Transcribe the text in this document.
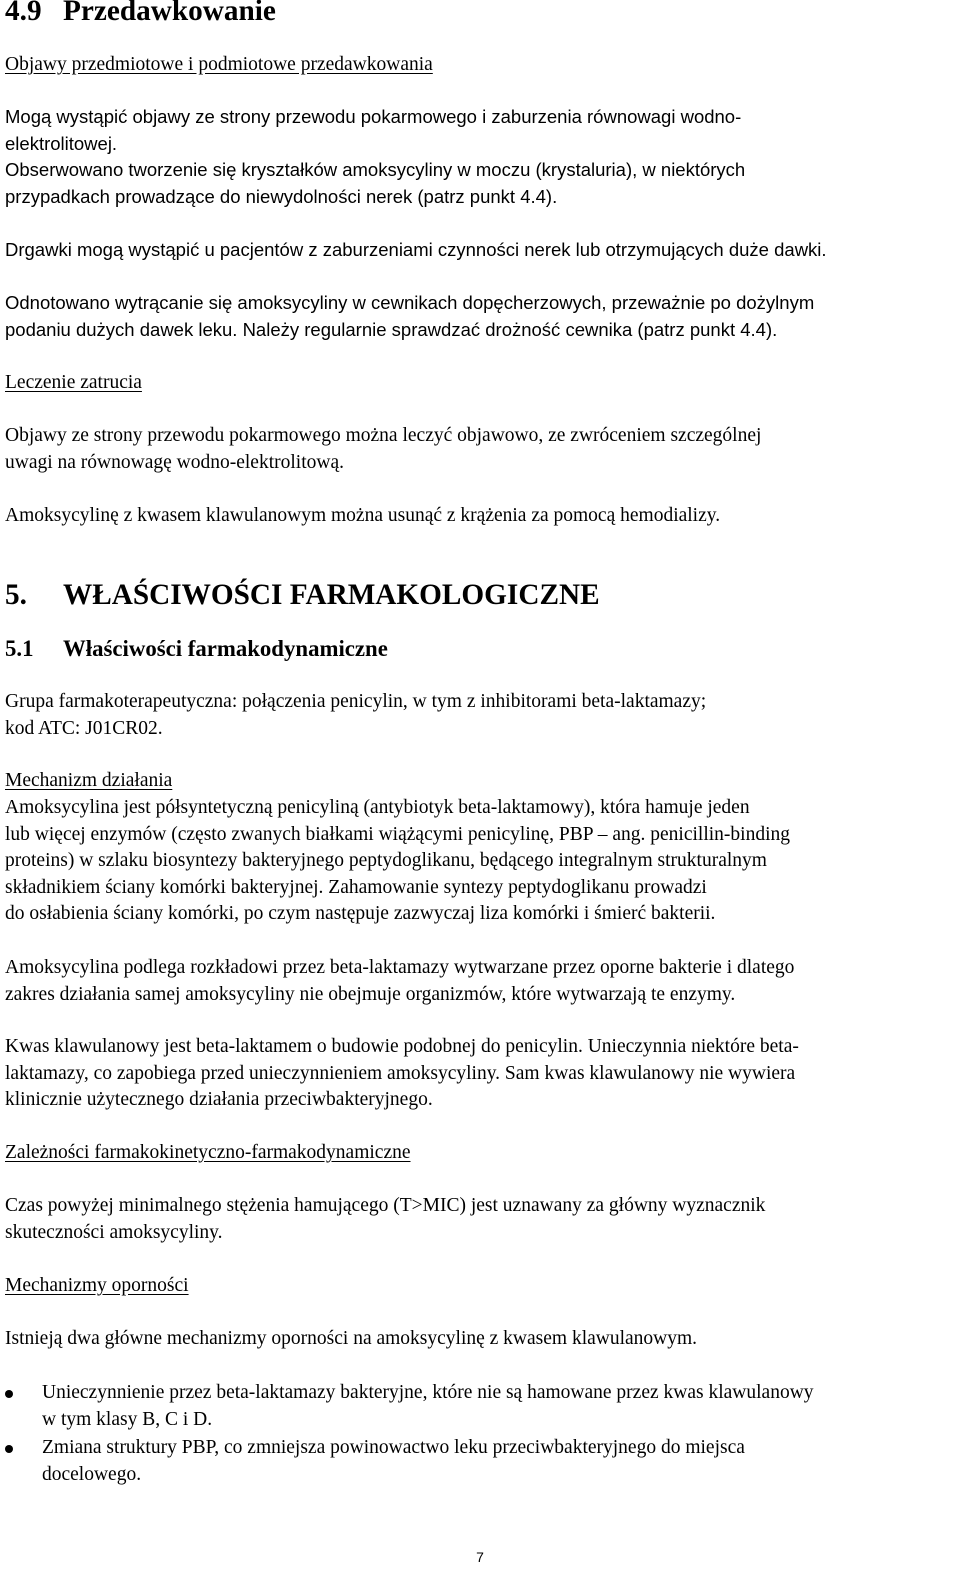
4.9 Przedawkowanie
Objawy przedmiotowe i podmiotowe przedawkowania
Mogą wystąpić objawy ze strony przewodu pokarmowego i zaburzenia równowagi wodno-
elektrolitowej.
Obserwowano tworzenie się kryształków amoksycyliny w moczu (krystaluria), w niektórych
przypadkach prowadzące do niewydolności nerek (patrz punkt 4.4).
Drgawki mogą wystąpić u pacjentów z zaburzeniami czynności nerek lub otrzymujących duże dawki.
Odnotowano wytrącanie się amoksycyliny w cewnikach dopęcherzowych, przeważnie po dożylnym
podaniu dużych dawek leku. Należy regularnie sprawdzać drożność cewnika (patrz punkt 4.4).
Leczenie zatrucia
Objawy ze strony przewodu pokarmowego można leczyć objawowo, ze zwróceniem szczególnej
uwagi na równowagę wodno-elektrolitową.
Amoksycylinę z kwasem klawulanowym można usunąć z krążenia za pomocą hemodializy.
5. WŁAŚCIWOŚCI FARMAKOLOGICZNE
5.1 Właściwości farmakodynamiczne
Grupa farmakoterapeutyczna: połączenia penicylin, w tym z inhibitorami beta-laktamazy;
kod ATC: J01CR02.
Mechanizm działania
Amoksycylina jest półsyntetyczną penicyliną (antybiotyk beta-laktamowy), która hamuje jeden
lub więcej enzymów (często zwanych białkami wiążącymi penicylinę, PBP – ang. penicillin-binding
proteins) w szlaku biosyntezy bakteryjnego peptydoglikanu, będącego integralnym strukturalnym
składnikiem ściany komórki bakteryjnej. Zahamowanie syntezy peptydoglikanu prowadzi
do osłabienia ściany komórki, po czym następuje zazwyczaj liza komórki i śmierć bakterii.
Amoksycylina podlega rozkładowi przez beta-laktamazy wytwarzane przez oporne bakterie i dlatego
zakres działania samej amoksycyliny nie obejmuje organizmów, które wytwarzają te enzymy.
Kwas klawulanowy jest beta-laktamem o budowie podobnej do penicylin. Unieczynnia niektóre beta-
laktamazy, co zapobiega przed unieczynnieniem amoksycyliny. Sam kwas klawulanowy nie wywiera
klinicznie użytecznego działania przeciwbakteryjnego.
Zależności farmakokinetyczno-farmakodynamiczne
Czas powyżej minimalnego stężenia hamującego (T>MIC) jest uznawany za główny wyznacznik
skuteczności amoksycyliny.
Mechanizmy oporności
Istnieją dwa główne mechanizmy oporności na amoksycylinę z kwasem klawulanowym.
Unieczynnienie przez beta-laktamazy bakteryjne, które nie są hamowane przez kwas klawulanowy
w tym klasy B, C i D.
Zmiana struktury PBP, co zmniejsza powinowactwo leku przeciwbakteryjnego do miejsca
docelowego.
7
